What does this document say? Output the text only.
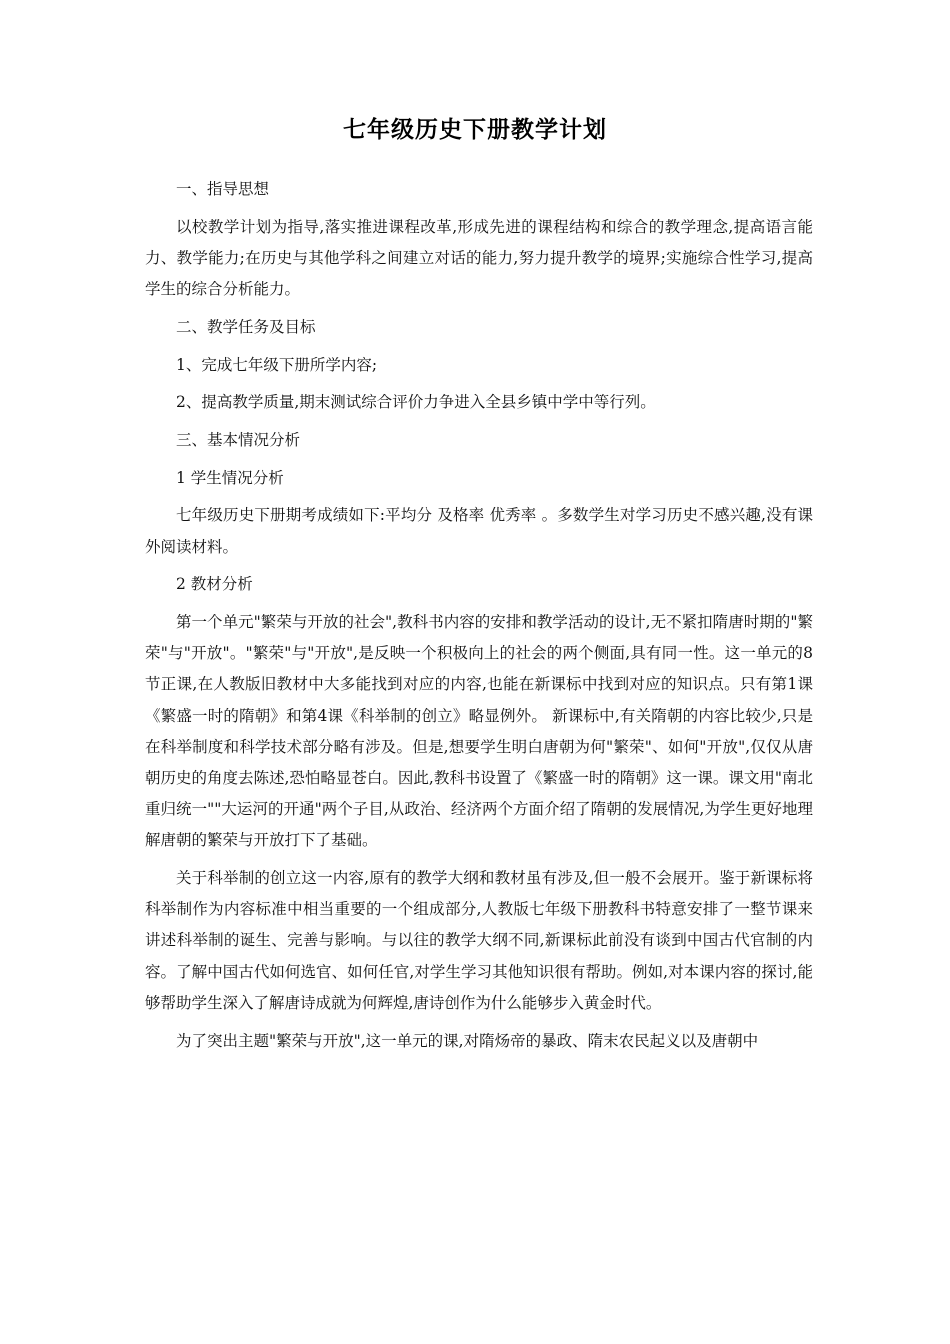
七年级历史下册教学计划

一、指导思想

以校教学计划为指导,落实推进课程改革,形成先进的课程结构和综合的教学理念,提高语言能力、教学能力;在历史与其他学科之间建立对话的能力,努力提升教学的境界;实施综合性学习,提高学生的综合分析能力。

二、教学任务及目标

1、完成七年级下册所学内容;

2、提高教学质量,期末测试综合评价力争进入全县乡镇中学中等行列。

三、基本情况分析

1 学生情况分析

七年级历史下册期考成绩如下:平均分 及格率 优秀率 。多数学生对学习历史不感兴趣,没有课外阅读材料。

2 教材分析

第一个单元"繁荣与开放的社会",教科书内容的安排和教学活动的设计,无不紧扣隋唐时期的"繁荣"与"开放"。"繁荣"与"开放",是反映一个积极向上的社会的两个侧面,具有同一性。这一单元的8节正课,在人教版旧教材中大多能找到对应的内容,也能在新课标中找到对应的知识点。只有第1课《繁盛一时的隋朝》和第4课《科举制的创立》略显例外。 新课标中,有关隋朝的内容比较少,只是在科举制度和科学技术部分略有涉及。但是,想要学生明白唐朝为何"繁荣"、如何"开放",仅仅从唐朝历史的角度去陈述,恐怕略显苍白。因此,教科书设置了《繁盛一时的隋朝》这一课。课文用"南北重归统一""大运河的开通"两个子目,从政治、经济两个方面介绍了隋朝的发展情况,为学生更好地理解唐朝的繁荣与开放打下了基础。

关于科举制的创立这一内容,原有的教学大纲和教材虽有涉及,但一般不会展开。鉴于新课标将科举制作为内容标准中相当重要的一个组成部分,人教版七年级下册教科书特意安排了一整节课来讲述科举制的诞生、完善与影响。与以往的教学大纲不同,新课标此前没有谈到中国古代官制的内容。了解中国古代如何选官、如何任官,对学生学习其他知识很有帮助。例如,对本课内容的探讨,能够帮助学生深入了解唐诗成就为何辉煌,唐诗创作为什么能够步入黄金时代。

为了突出主题"繁荣与开放",这一单元的课,对隋炀帝的暴政、隋末农民起义以及唐朝中
